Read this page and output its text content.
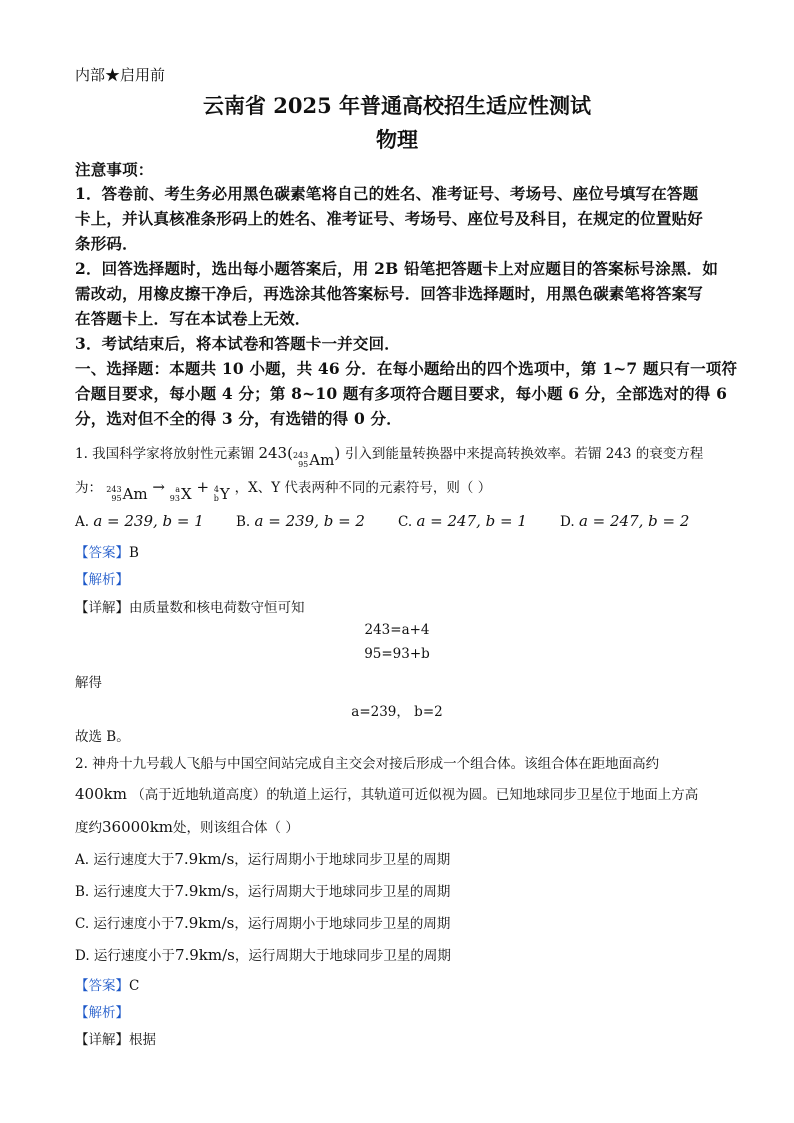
内部★启用前
云南省 2025 年普通高校招生适应性测试
物理
注意事项：
1．答卷前、考生务必用黑色碳素笔将自己的姓名、准考证号、考场号、座位号填写在答题
卡上，并认真核准条形码上的姓名、准考证号、考场号、座位号及科目，在规定的位置贴好
条形码．
2．回答选择题时，选出每小题答案后，用 2B 铅笔把答题卡上对应题目的答案标号涂黑．如
需改动，用橡皮擦干净后，再选涂其他答案标号．回答非选择题时，用黑色碳素笔将答案写
在答题卡上．写在本试卷上无效．
3．考试结束后，将本试卷和答题卡一并交回．
一、选择题：本题共 10 小题，共 46 分．在每小题给出的四个选项中，第 1~7 题只有一项符
合题目要求，每小题 4 分；第 8~10 题有多项符合题目要求，每小题 6 分，全部选对的得 6
分，选对但不全的得 3 分，有选错的得 0 分．
1. 我国科学家将放射性元素镅 243( 243
95 Am ) 引入到能量转换器中来提高转换效率。若镅 243 的衰变方程
为： 243
95 Am → a
93 X + 4
b Y ，X、Y 代表两种不同的元素符号，则（ ）
A. a = 239, b = 1 B. a = 239, b = 2 C. a = 247, b = 1 D. a = 247, b = 2
【答案】B
【解析】
【详解】由质量数和核电荷数守恒可知
243=a+4
95=93+b
解得
a=239， b=2
故选 B。
2. 神舟十九号载人飞船与中国空间站完成自主交会对接后形成一个组合体。该组合体在距地面高约
400km （高于近地轨道高度）的轨道上运行，其轨道可近似视为圆。已知地球同步卫星位于地面上方高
度约36000km处，则该组合体（ ）
A. 运行速度大于7.9km/s，运行周期小于地球同步卫星的周期
B. 运行速度大于7.9km/s，运行周期大于地球同步卫星的周期
C. 运行速度小于7.9km/s，运行周期小于地球同步卫星的周期
D. 运行速度小于7.9km/s，运行周期大于地球同步卫星的周期
【答案】C
【解析】
【详解】根据
